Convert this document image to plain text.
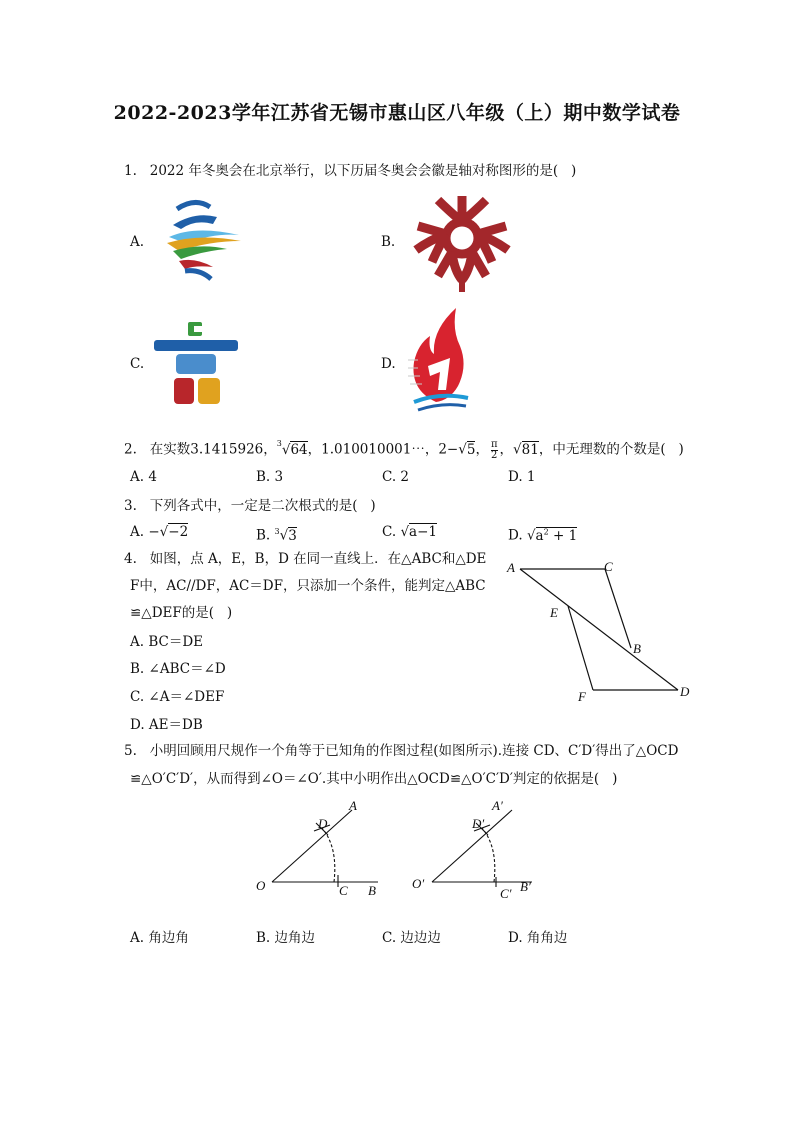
2022-2023学年江苏省无锡市惠山区八年级（上）期中数学试卷
1.   2022 年冬奥会在北京举行，以下历届冬奥会会徽是轴对称图形的是(   )
A.	B.
C.	D.
2.   在实数3.1415926，$^3$√64，1.010010001⋯，2−√5， $\frac{\pi}{2}$ ，√81，中无理数的个数是(   )
A. 4	B. 3	C. 2	D. 1
3.   下列各式中，一定是二次根式的是(   )
A. −√−2	B. $^3$√3	C. √a−1	D. $√a^2 + 1$
4.   如图，点 A，E，B，D 在同一直线上．在△ABC和△DE
F中，AC//DF，AC＝DF，只添加一个条件，能判定△ABC
≌△DEF的是(   )
A. BC＝DE
B. ∠ABC＝∠D
C. ∠A＝∠DEF
D. AE＝DB
A	C
E
B
F	D
5.   小明回顾用尺规作一个角等于已知角的作图过程(如图所示).连接 CD、C′D′得出了△OCD
≌△O′C′D′，从而得到∠O＝∠O′.其中小明作出△OCD≌△O′C′D′判定的依据是(   )
O
A
D
C B	O′
A′
D′
C′ B′
A. 角边角	B. 边角边	C. 边边边	D. 角角边
